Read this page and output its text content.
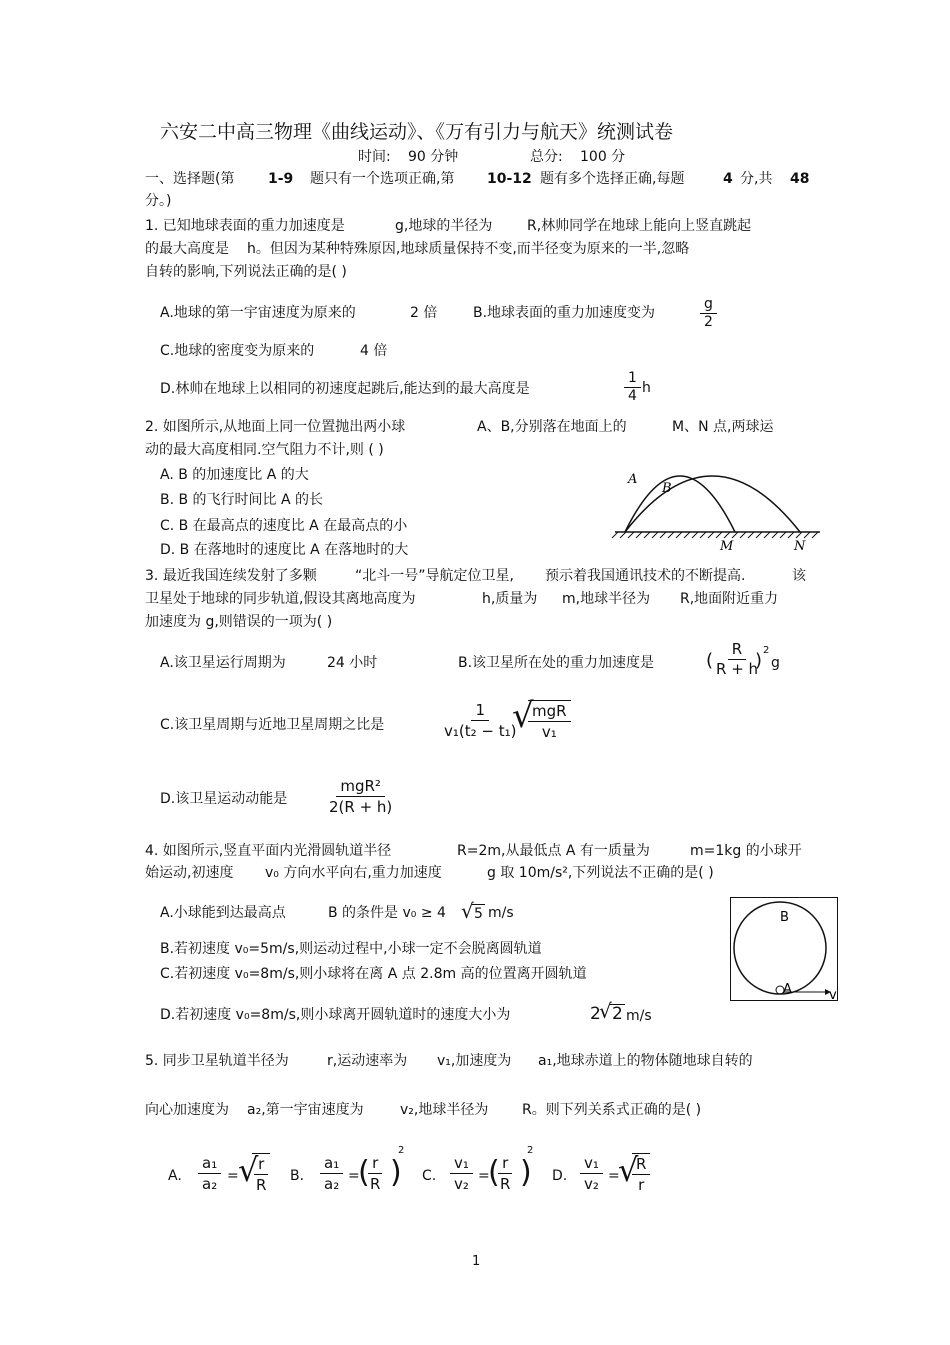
六安二中高三物理《曲线运动》、《万有引力与航天》统测试卷
时间: 90 分钟	总分: 100 分
一、选择题(第 1-9 题只有一个选项正确,第 10-12 题有多个选择正确,每题	4 分,共 48
分。)
1. 已知地球表面的重力加速度是	g,地球的半径为 R,林帅同学在地球上能向上竖直跳起
的最大高度是 h。但因为某种特殊原因,地球质量保持不变,而半径变为原来的一半,忽略
自转的影响,下列说法正确的是( )
A.地球的第一宇宙速度为原来的	2 倍	B.地球表面的重力加速度变为	$\frac{g}{2}$
C.地球的密度变为原来的	4 倍
D.林帅在地球上以相同的初速度起跳后,能达到的最大高度是	$\frac{1}{4}$ h
2. 如图所示,从地面上同一位置抛出两小球	A、B,分别落在地面上的	M、N 点,两球运
动的最大高度相同.空气阻力不计,则 ( )
A. B 的加速度比 A 的大
B. B 的飞行时间比 A 的长
C. B 在最高点的速度比 A 在最高点的小
D. B 在落地时的速度比 A 在落地时的大
A
B
M	N
3. 最近我国连续发射了多颗	“北斗一号”导航定位卫星, 预示着我国通讯技术的不断提高.	该
卫星处于地球的同步轨道,假设其离地高度为	h,质量为 m,地球半径为 R,地面附近重力
加速度为 g,则错误的一项为( )
A.该卫星运行周期为	24 小时	B.该卫星所在处的重力加速度是	(
$\frac{R}{R + h}$
) 2
g
C.该卫星周期与近地卫星周期之比是	$\frac{1}{\text{v₁(t₂ − t₁)}}$
√
mgR
v₁
D.该卫星运动动能是
mgR²
2(R + h)
4. 如图所示,竖直平面内光滑圆轨道半径	R=2m,从最低点 A 有一质量为	m=1kg 的小球开
始运动,初速度 v₀ 方向水平向右,重力加速度	g 取 10m/s²,下列说法不正确的是( )
A.小球能到达最高点	B 的条件是 v₀ ≥ 4 √ 5 m/s
B.若初速度 v₀=5m/s,则运动过程中,小球一定不会脱离圆轨道
C.若初速度 v₀=8m/s,则小球将在离 A 点 2.8m 高的位置离开圆轨道
D.若初速度 v₀=8m/s,则小球离开圆轨道时的速度大小为	2
√ 2 m/s
B
A	v
5. 同步卫星轨道半径为	r,运动速率为 v₁,加速度为 a₁,地球赤道上的物体随地球自转的
向心加速度为 a₂,第一宇宙速度为	v₂,地球半径为 R。则下列关系式正确的是( )
A. $\frac{\text{a₁}}{\text{a₂}}$ = √
$\frac{r}{R} B$. $\frac{\text{a₁}}{\text{a₂}}$ =
(
$\frac{r}{R}$ )
2
C. $\frac{\text{v₁}}{\text{v₂}}$ =
(
$\frac{r}{R}$ )
2
D. $\frac{\text{v₁}}{\text{v₂}}$ =
√
$\frac{R}{r}$
1
